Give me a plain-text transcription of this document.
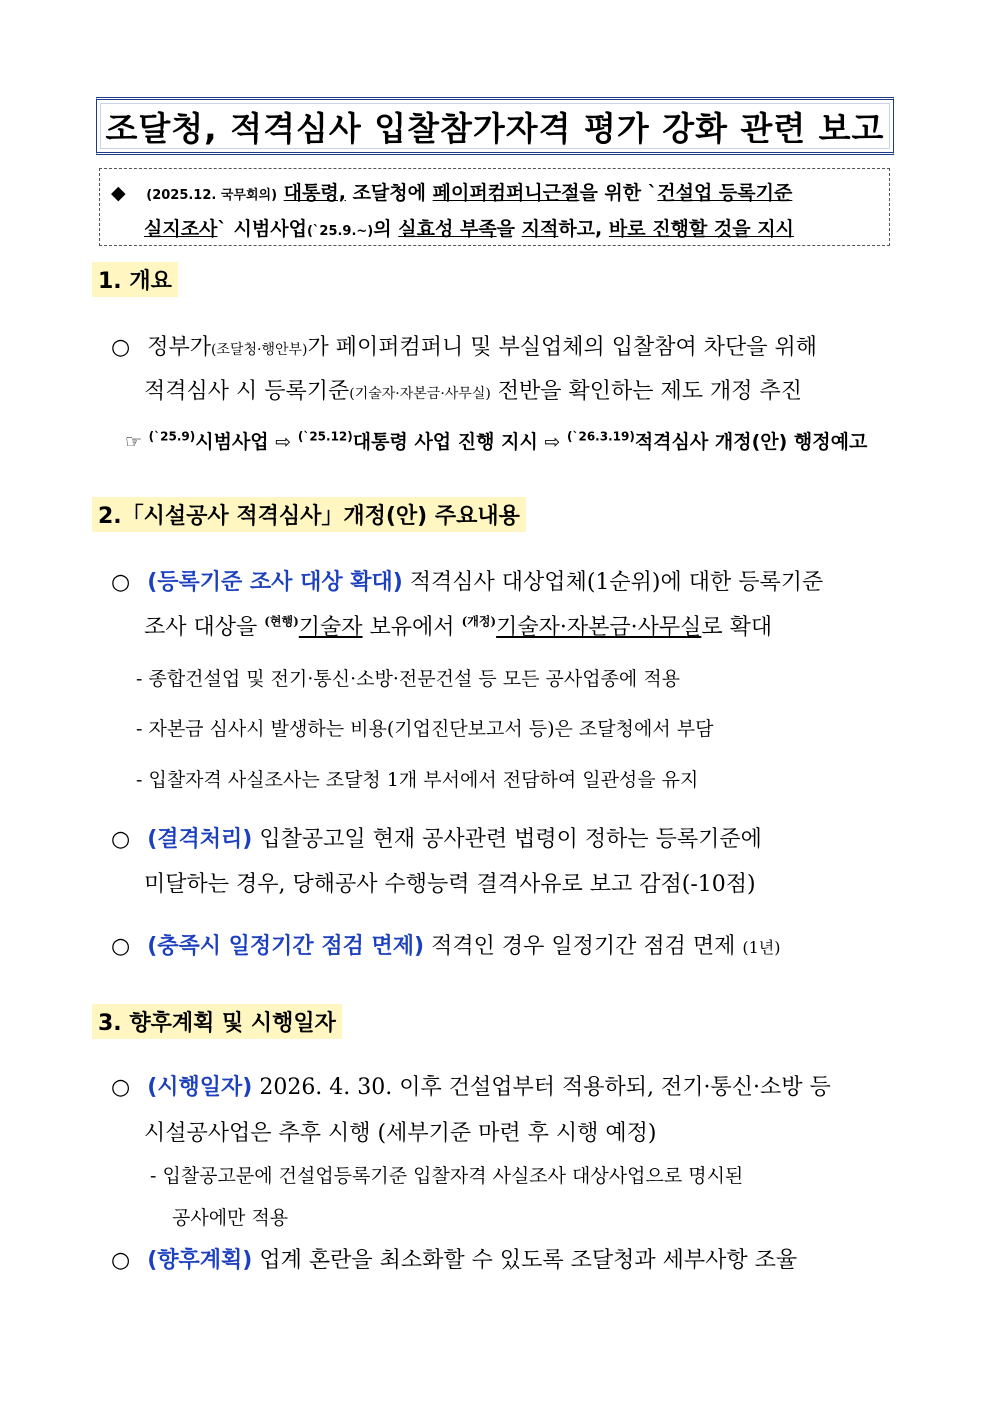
조달청, 적격심사 입찰참가자격 평가 강화 관련 보고
◆ (2025.12. 국무회의) 대통령, 조달청에 페이퍼컴퍼니근절을 위한 `건설업 등록기준
실지조사` 시범사업(`25.9.~)의 실효성 부족을 지적하고, 바로 진행할 것을 지시
1. 개요
○ 정부가(조달청·행안부)가 페이퍼컴퍼니 및 부실업체의 입찰참여 차단을 위해
적격심사 시 등록기준(기술자·자본금·사무실) 전반을 확인하는 제도 개정 추진
☞ $^{(`25.9)}$시범사업 ⇨ $^{(`25.12)}$대통령 사업 진행 지시 ⇨ $^{(`26.3.19)}$적격심사 개정(안) 행정예고
2.「시설공사 적격심사」개정(안) 주요내용
○ (등록기준 조사 대상 확대) 적격심사 대상업체(1순위)에 대한 등록기준
조사 대상을 $^{(현행)}$기술자 보유에서 $^{(개정)}$기술자·자본금·사무실로 확대
- 종합건설업 및 전기·통신·소방·전문건설 등 모든 공사업종에 적용
- 자본금 심사시 발생하는 비용(기업진단보고서 등)은 조달청에서 부담
- 입찰자격 사실조사는 조달청 1개 부서에서 전담하여 일관성을 유지
○ (결격처리) 입찰공고일 현재 공사관련 법령이 정하는 등록기준에
미달하는 경우, 당해공사 수행능력 결격사유로 보고 감점(-10점)
○ (충족시 일정기간 점검 면제) 적격인 경우 일정기간 점검 면제 (1년)
3. 향후계획 및 시행일자
○ (시행일자) 2026. 4. 30. 이후 건설업부터 적용하되, 전기·통신·소방 등
시설공사업은 추후 시행 (세부기준 마련 후 시행 예정)
- 입찰공고문에 건설업등록기준 입찰자격 사실조사 대상사업으로 명시된
공사에만 적용
○ (향후계획) 업계 혼란을 최소화할 수 있도록 조달청과 세부사항 조율
